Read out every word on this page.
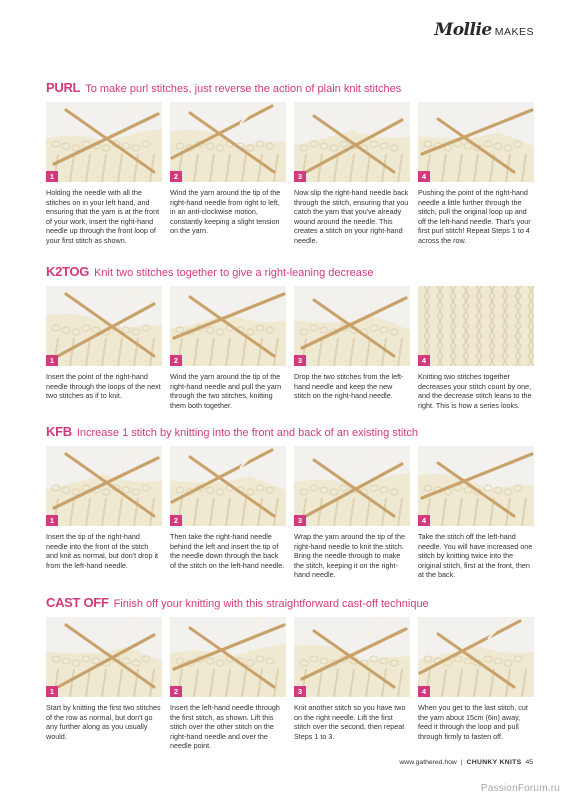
Mollie MAKES
PURL To make purl stitches, just reverse the action of plain knit stitches
1
Holding the needle with all the stitches on in your left hand, and ensuring that the yarn is at the front of your work, insert the right-hand needle up through the front loop of your first stitch as shown.
2
Wind the yarn around the tip of the right-hand needle from right to left, in an anti-clockwise motion, constantly keeping a slight tension on the yarn.
3
Now slip the right-hand needle back through the stitch, ensuring that you catch the yarn that you've already wound around the needle. This creates a stitch on your right-hand needle.
4
Pushing the point of the right-hand needle a little further through the stitch, pull the original loop up and off the left-hand needle. That's your first purl stitch! Repeat Steps 1 to 4 across the row.
K2TOG Knit two stitches together to give a right-leaning decrease
1
Insert the point of the right-hand needle through the loops of the next two stitches as if to knit.
2
Wind the yarn around the tip of the right-hand needle and pull the yarn through the two stitches, knitting them both together.
3
Drop the two stitches from the left-hand needle and keep the new stitch on the right-hand needle.
4
Knitting two stitches together decreases your stitch count by one, and the decrease stitch leans to the right. This is how a series looks.
KFB Increase 1 stitch by knitting into the front and back of an existing stitch
1
Insert the tip of the right-hand needle into the front of the stitch and knit as normal, but don't drop it from the left-hand needle.
2
Then take the right-hand needle behind the left and insert the tip of the needle down through the back of the stitch on the left-hand needle.
3
Wrap the yarn around the tip of the right-hand needle to knit the stitch. Bring the needle through to make the stitch, keeping it on the right-hand needle.
4
Take the stitch off the left-hand needle. You will have increased one stitch by knitting twice into the original stitch, first at the front, then at the back.
CAST OFF Finish off your knitting with this straightforward cast-off technique
1
Start by knitting the first two stitches of the row as normal, but don't go any further along as you usually would.
2
Insert the left-hand needle through the first stitch, as shown. Lift this stitch over the other stitch on the right-hand needle and over the needle point.
3
Knit another stitch so you have two on the right needle. Lift the first stitch over the second, then repeat Steps 1 to 3.
4
When you get to the last stitch, cut the yarn about 15cm (6in) away, feed it through the loop and pull through firmly to fasten off.
www.gathered.how | CHUNKY KNITS 45
PassionForum.ru
